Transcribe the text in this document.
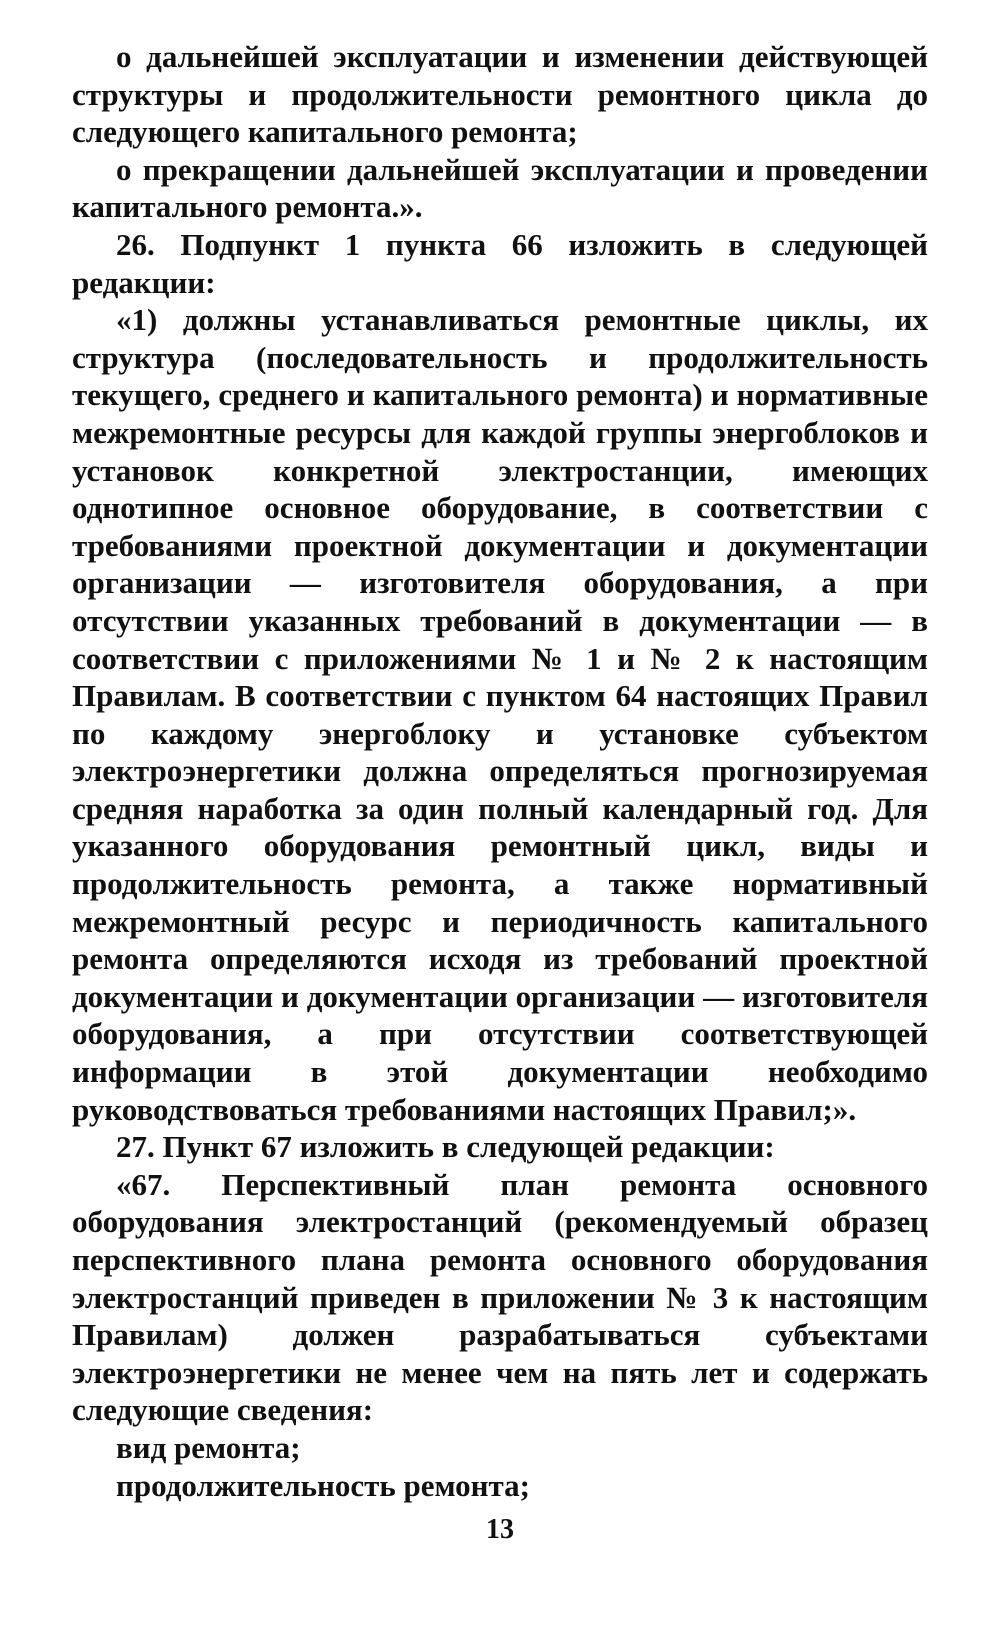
о дальнейшей эксплуатации и изменении действующей структуры и продолжительности ремонтного цикла до следующего капитального ремонта;

о прекращении дальнейшей эксплуатации и проведении капитального ремонта.».

26. Подпункт 1 пункта 66 изложить в следующей редакции:

«1) должны устанавливаться ремонтные циклы, их структура (последовательность и продолжительность текущего, среднего и капитального ремонта) и нормативные межремонтные ресурсы для каждой группы энергоблоков и установок конкретной электростанции, имеющих однотипное основное оборудование, в соответствии с требованиями проектной документации и документации организации — изготовителя оборудования, а при отсутствии указанных требований в документации — в соответствии с приложениями № 1 и № 2 к настоящим Правилам. В соответствии с пунктом 64 настоящих Правил по каждому энергоблоку и установке субъектом электроэнергетики должна определяться прогнозируемая средняя наработка за один полный календарный год. Для указанного оборудования ремонтный цикл, виды и продолжительность ремонта, а также нормативный межремонтный ресурс и периодичность капитального ремонта определяются исходя из требований проектной документации и документации организации — изготовителя оборудования, а при отсутствии соответствующей информации в этой документации необходимо руководствоваться требованиями настоящих Правил;».

27. Пункт 67 изложить в следующей редакции:

«67. Перспективный план ремонта основного оборудования электростанций (рекомендуемый образец перспективного плана ремонта основного оборудования электростанций приведен в приложении № 3 к настоящим Правилам) должен разрабатываться субъектами электроэнергетики не менее чем на пять лет и содержать следующие сведения:

вид ремонта;

продолжительность ремонта;

13
